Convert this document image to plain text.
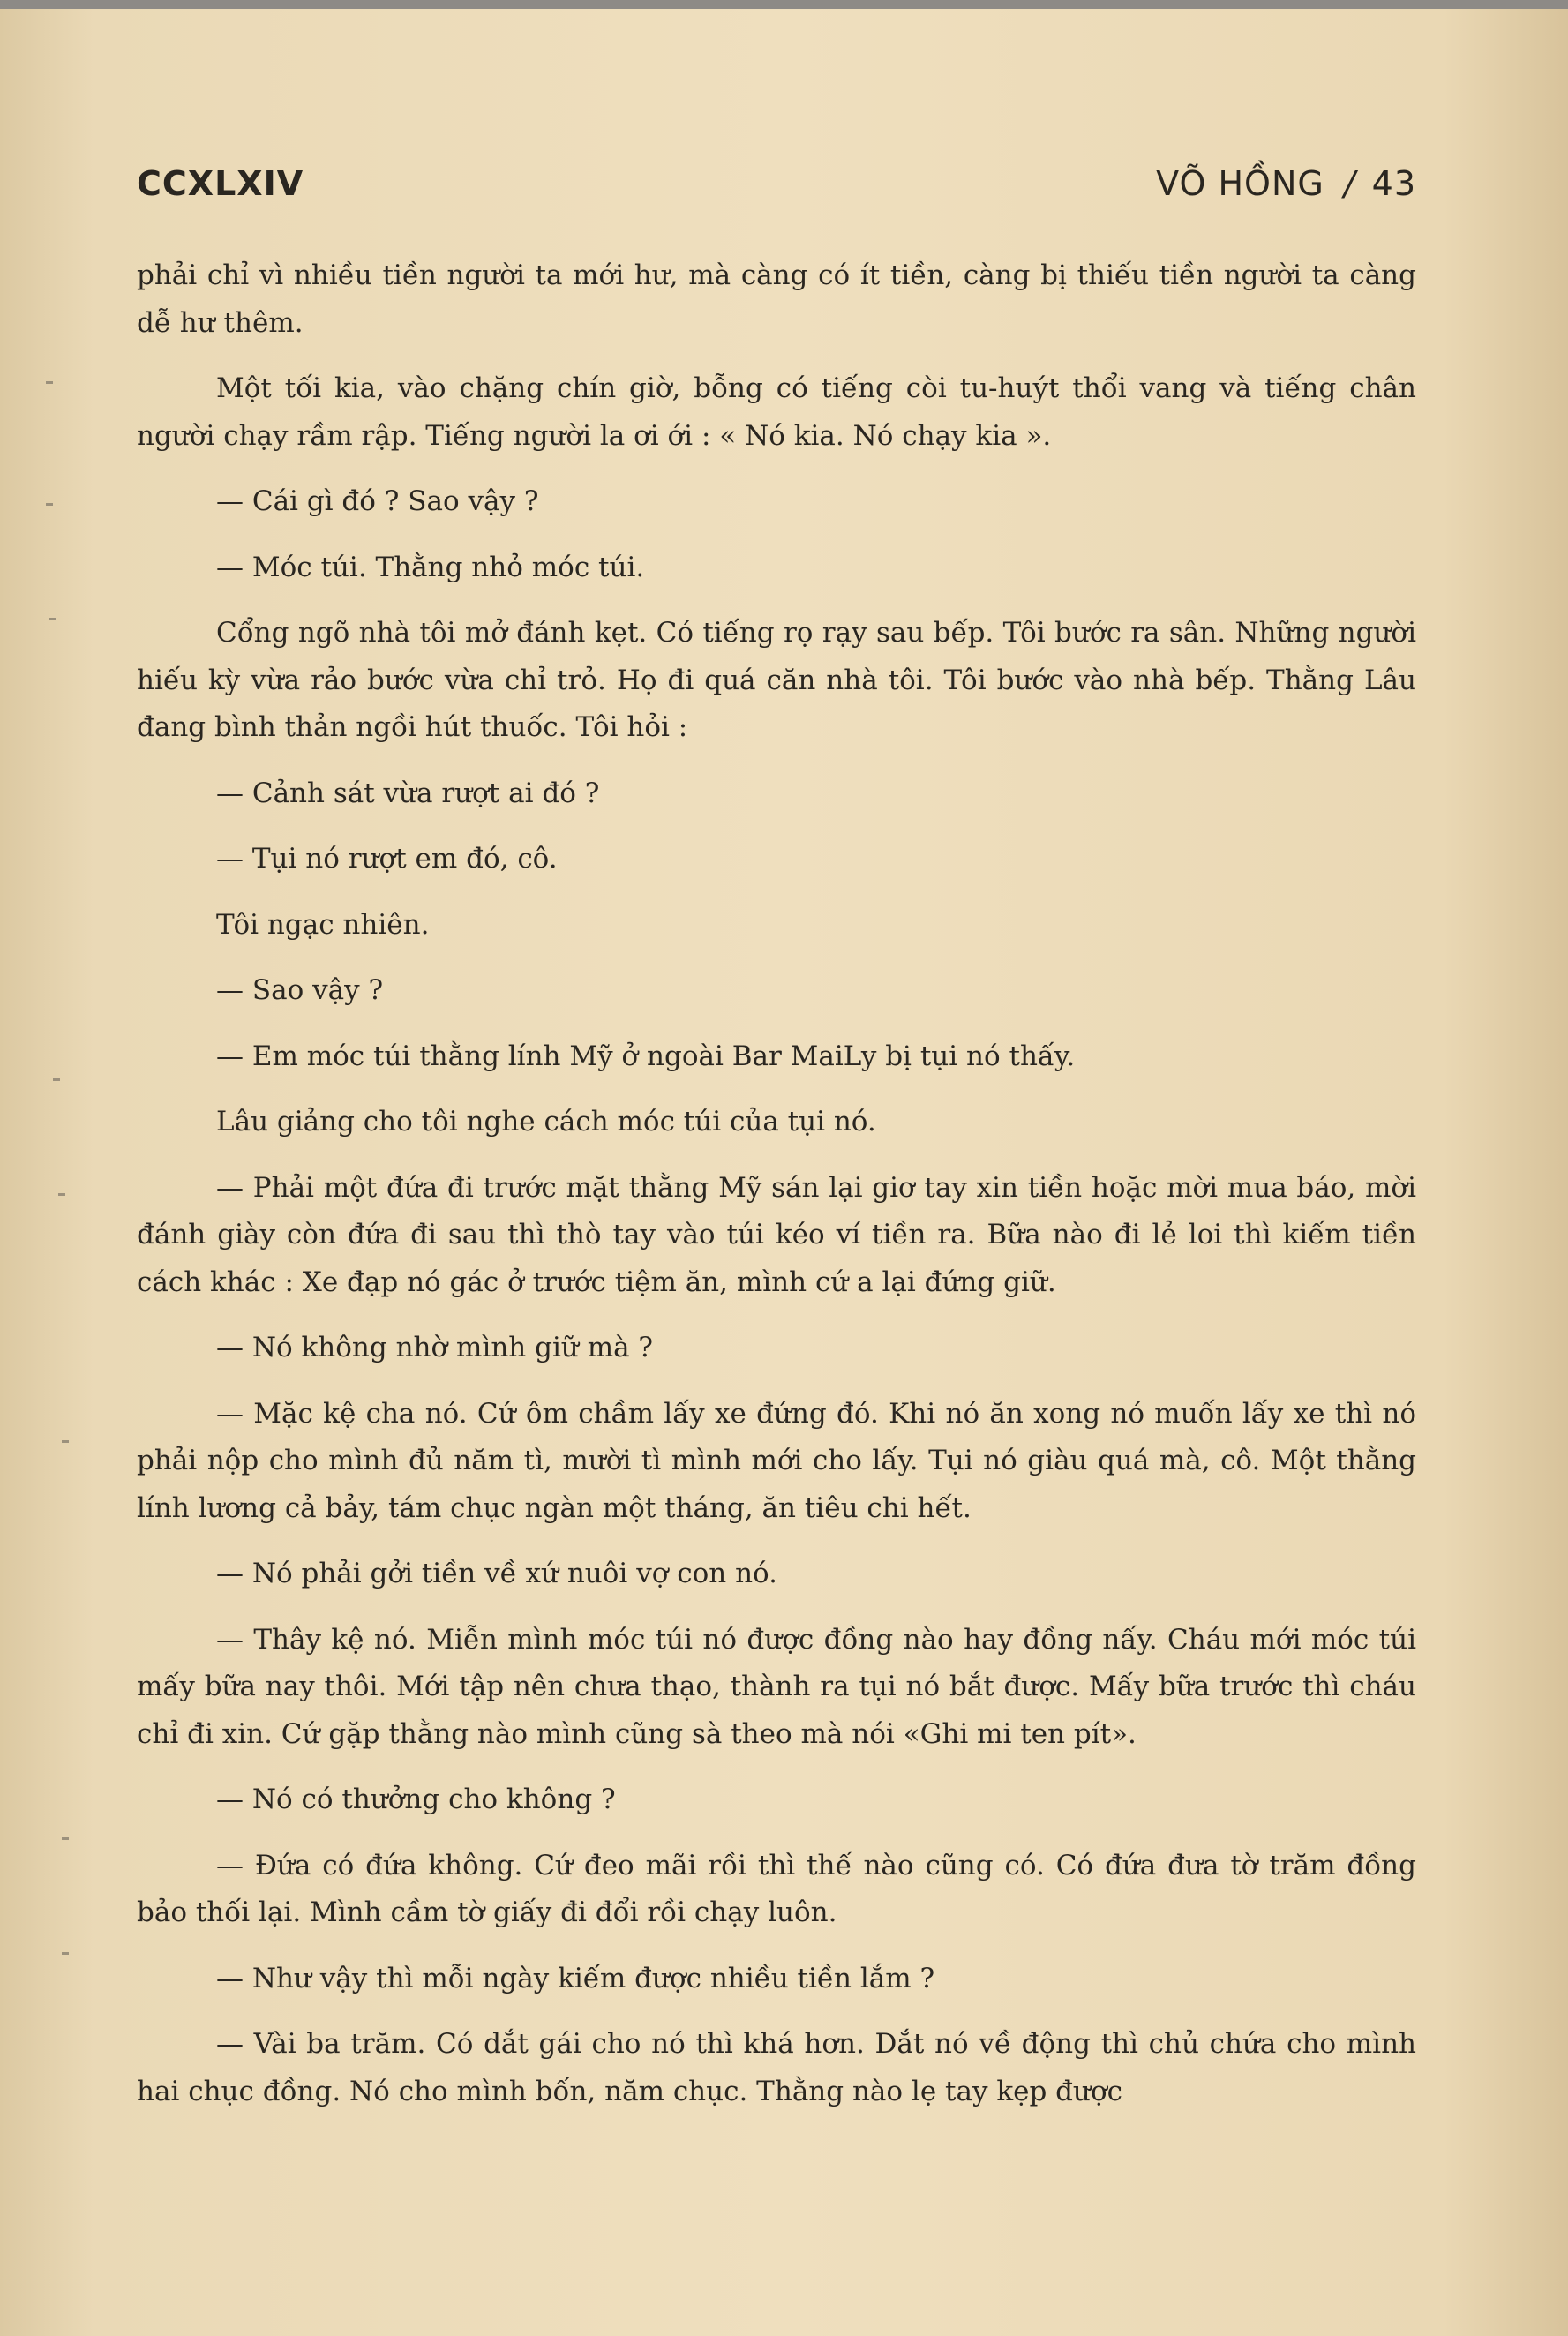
CCXLXIV	VÕ HỒNG / 43

phải chỉ vì nhiều tiền người ta mới hư, mà càng có ít tiền, càng bị thiếu tiền người ta càng dễ hư thêm.

Một tối kia, vào chặng chín giờ, bỗng có tiếng còi tu-huýt thổi vang và tiếng chân người chạy rầm rập. Tiếng người la ơi ới : « Nó kia. Nó chạy kia ».

— Cái gì đó ? Sao vậy ?

— Móc túi. Thằng nhỏ móc túi.

Cổng ngõ nhà tôi mở đánh kẹt. Có tiếng rọ rạy sau bếp. Tôi bước ra sân. Những người hiếu kỳ vừa rảo bước vừa chỉ trỏ. Họ đi quá căn nhà tôi. Tôi bước vào nhà bếp. Thằng Lâu đang bình thản ngồi hút thuốc. Tôi hỏi :

— Cảnh sát vừa rượt ai đó ?

— Tụi nó rượt em đó, cô.

Tôi ngạc nhiên.

— Sao vậy ?

— Em móc túi thằng lính Mỹ ở ngoài Bar MaiLy bị tụi nó thấy.

Lâu giảng cho tôi nghe cách móc túi của tụi nó.

— Phải một đứa đi trước mặt thằng Mỹ sán lại giơ tay xin tiền hoặc mời mua báo, mời đánh giày còn đứa đi sau thì thò tay vào túi kéo ví tiền ra. Bữa nào đi lẻ loi thì kiếm tiền cách khác : Xe đạp nó gác ở trước tiệm ăn, mình cứ a lại đứng giữ.

— Nó không nhờ mình giữ mà ?

— Mặc kệ cha nó. Cứ ôm chầm lấy xe đứng đó. Khi nó ăn xong nó muốn lấy xe thì nó phải nộp cho mình đủ năm tì, mười tì mình mới cho lấy. Tụi nó giàu quá mà, cô. Một thằng lính lương cả bảy, tám chục ngàn một tháng, ăn tiêu chi hết.

— Nó phải gởi tiền về xứ nuôi vợ con nó.

— Thây kệ nó. Miễn mình móc túi nó được đồng nào hay đồng nấy. Cháu mới móc túi mấy bữa nay thôi. Mới tập nên chưa thạo, thành ra tụi nó bắt được. Mấy bữa trước thì cháu chỉ đi xin. Cứ gặp thằng nào mình cũng sà theo mà nói «Ghi mi ten pít».

— Nó có thưởng cho không ?

— Đứa có đứa không. Cứ đeo mãi rồi thì thế nào cũng có. Có đứa đưa tờ trăm đồng bảo thối lại. Mình cầm tờ giấy đi đổi rồi chạy luôn.

— Như vậy thì mỗi ngày kiếm được nhiều tiền lắm ?

— Vài ba trăm. Có dắt gái cho nó thì khá hơn. Dắt nó về động thì chủ chứa cho mình hai chục đồng. Nó cho mình bốn, năm chục. Thằng nào lẹ tay kẹp được
